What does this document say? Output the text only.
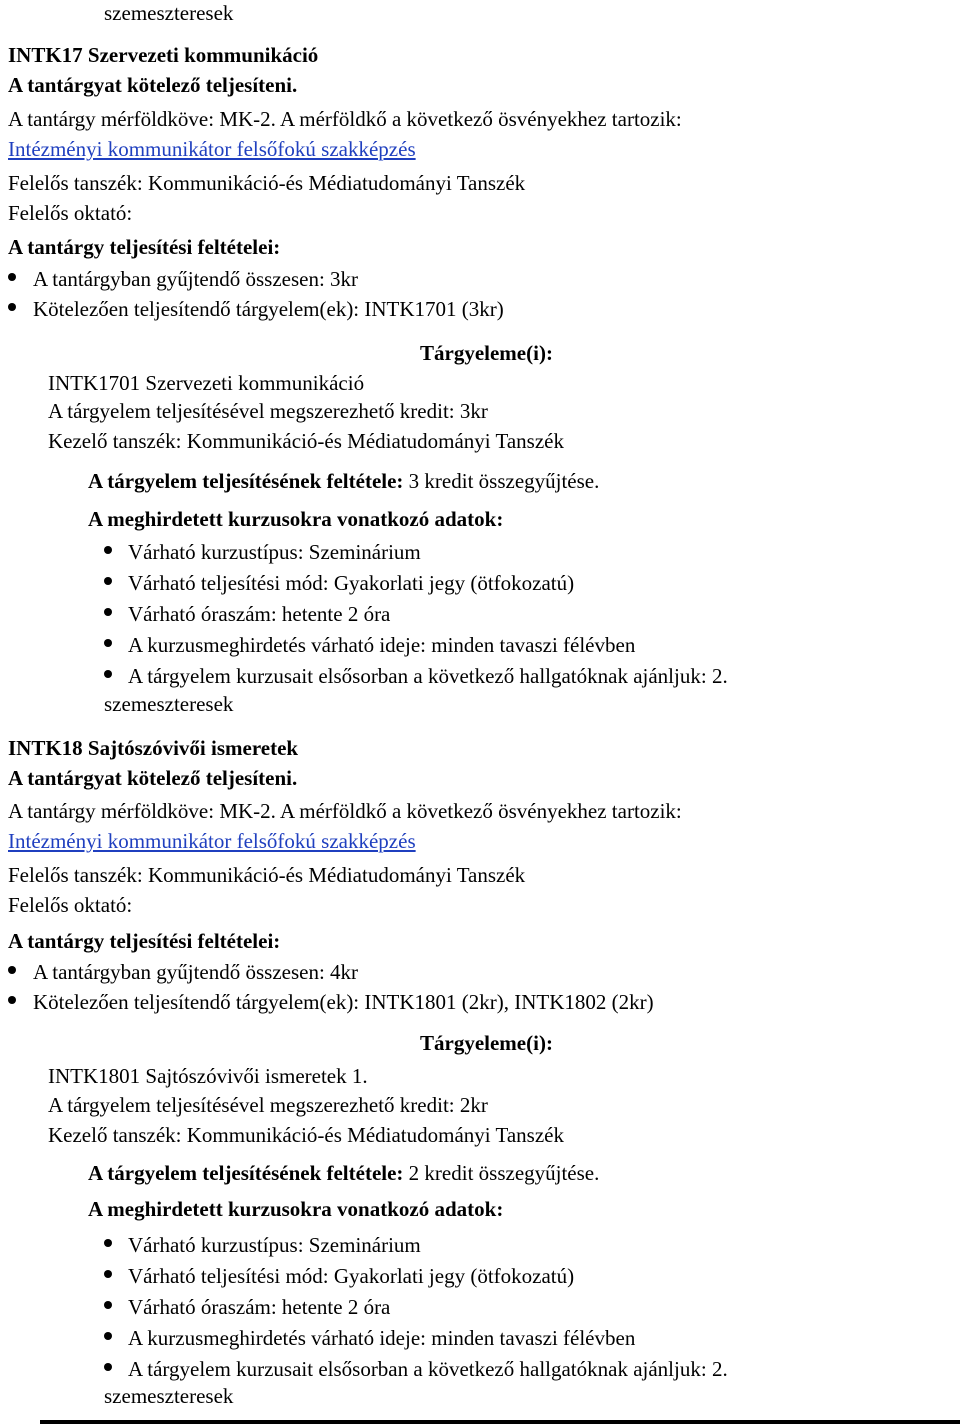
szemeszteresek
INTK17 Szervezeti kommunikáció
A tantárgyat kötelező teljesíteni.
A tantárgy mérföldköve: MK-2. A mérföldkő a következő ösvényekhez tartozik:
Intézményi kommunikátor felsőfokú szakképzés
Felelős tanszék: Kommunikáció-és Médiatudományi Tanszék
Felelős oktató:
A tantárgy teljesítési feltételei:
A tantárgyban gyűjtendő összesen: 3kr
Kötelezően teljesítendő tárgyelem(ek): INTK1701 (3kr)
Tárgyeleme(i):
INTK1701 Szervezeti kommunikáció
A tárgyelem teljesítésével megszerezhető kredit: 3kr
Kezelő tanszék: Kommunikáció-és Médiatudományi Tanszék
A tárgyelem teljesítésének feltétele: 3 kredit összegyűjtése.
A meghirdetett kurzusokra vonatkozó adatok:
Várható kurzustípus: Szeminárium
Várható teljesítési mód: Gyakorlati jegy (ötfokozatú)
Várható óraszám: hetente 2 óra
A kurzusmeghirdetés várható ideje: minden tavaszi félévben
A tárgyelem kurzusait elsősorban a következő hallgatóknak ajánljuk: 2.
szemeszteresek
INTK18 Sajtószóvivői ismeretek
A tantárgyat kötelező teljesíteni.
A tantárgy mérföldköve: MK-2. A mérföldkő a következő ösvényekhez tartozik:
Intézményi kommunikátor felsőfokú szakképzés
Felelős tanszék: Kommunikáció-és Médiatudományi Tanszék
Felelős oktató:
A tantárgy teljesítési feltételei:
A tantárgyban gyűjtendő összesen: 4kr
Kötelezően teljesítendő tárgyelem(ek): INTK1801 (2kr), INTK1802 (2kr)
Tárgyeleme(i):
INTK1801 Sajtószóvivői ismeretek 1.
A tárgyelem teljesítésével megszerezhető kredit: 2kr
Kezelő tanszék: Kommunikáció-és Médiatudományi Tanszék
A tárgyelem teljesítésének feltétele: 2 kredit összegyűjtése.
A meghirdetett kurzusokra vonatkozó adatok:
Várható kurzustípus: Szeminárium
Várható teljesítési mód: Gyakorlati jegy (ötfokozatú)
Várható óraszám: hetente 2 óra
A kurzusmeghirdetés várható ideje: minden tavaszi félévben
A tárgyelem kurzusait elsősorban a következő hallgatóknak ajánljuk: 2.
szemeszteresek
